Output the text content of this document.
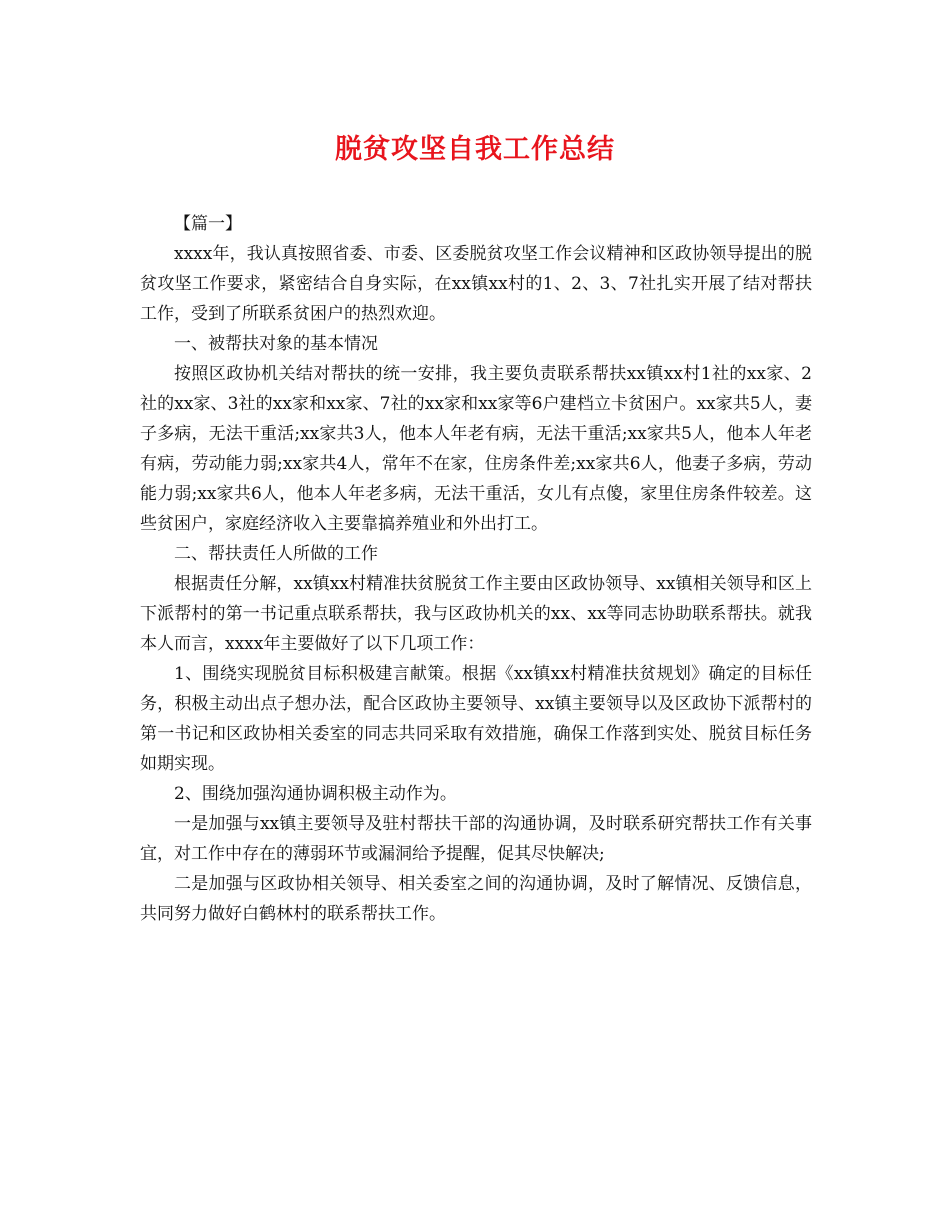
脱贫攻坚自我工作总结

【篇一】

xxxx年，我认真按照省委、市委、区委脱贫攻坚工作会议精神和区政协领导提出的脱贫攻坚工作要求，紧密结合自身实际，在xx镇xx村的1、2、3、7社扎实开展了结对帮扶工作，受到了所联系贫困户的热烈欢迎。

一、被帮扶对象的基本情况

按照区政协机关结对帮扶的统一安排，我主要负责联系帮扶xx镇xx村1社的xx家、2社的xx家、3社的xx家和xx家、7社的xx家和xx家等6户建档立卡贫困户。xx家共5人，妻子多病，无法干重活;xx家共3人，他本人年老有病，无法干重活;xx家共5人，他本人年老有病，劳动能力弱;xx家共4人，常年不在家，住房条件差;xx家共6人，他妻子多病，劳动能力弱;xx家共6人，他本人年老多病，无法干重活，女儿有点傻，家里住房条件较差。这些贫困户，家庭经济收入主要靠搞养殖业和外出打工。

二、帮扶责任人所做的工作

根据责任分解，xx镇xx村精准扶贫脱贫工作主要由区政协领导、xx镇相关领导和区上下派帮村的第一书记重点联系帮扶，我与区政协机关的xx、xx等同志协助联系帮扶。就我本人而言，xxxx年主要做好了以下几项工作：

1、围绕实现脱贫目标积极建言献策。根据《xx镇xx村精准扶贫规划》确定的目标任务，积极主动出点子想办法，配合区政协主要领导、xx镇主要领导以及区政协下派帮村的第一书记和区政协相关委室的同志共同采取有效措施，确保工作落到实处、脱贫目标任务如期实现。

2、围绕加强沟通协调积极主动作为。

一是加强与xx镇主要领导及驻村帮扶干部的沟通协调，及时联系研究帮扶工作有关事宜，对工作中存在的薄弱环节或漏洞给予提醒，促其尽快解决;

二是加强与区政协相关领导、相关委室之间的沟通协调，及时了解情况、反馈信息，共同努力做好白鹤林村的联系帮扶工作。
